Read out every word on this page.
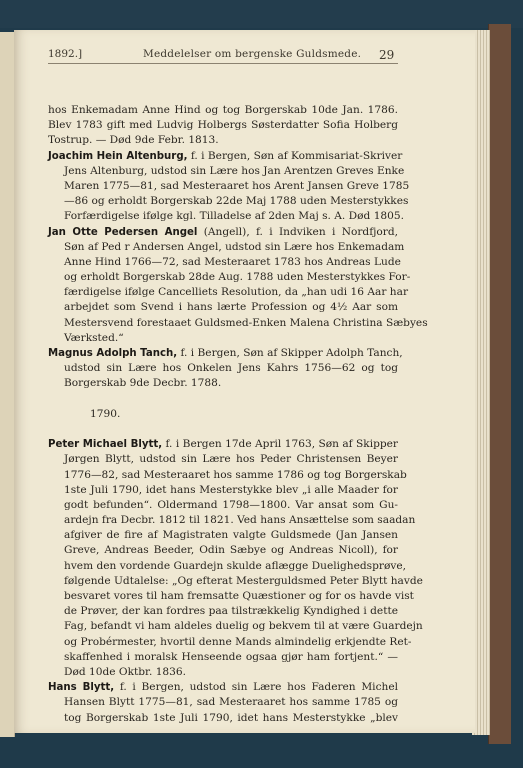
1892.]	Meddelelser om bergenske Guldsmede. 29
hos Enkemadam Anne Hind og tog Borgerskab 10de Jan. 1786.
Blev 1783 gift med Ludvig Holbergs Søsterdatter Sofia Holberg
Tostrup. — Død 9de Febr. 1813.
Joachim Hein Altenburg, f. i Bergen, Søn af Kommisariat-Skriver
Jens Altenburg, udstod sin Lære hos Jan Arentzen Greves Enke
Maren 1775—81, sad Mesteraaret hos Arent Jansen Greve 1785
—86 og erholdt Borgerskab 22de Maj 1788 uden Mesterstykkes
Forfærdigelse ifølge kgl. Tilladelse af 2den Maj s. A. Død 1805.
Jan Otte Pedersen Angel (Angell), f. i Indviken i Nordfjord,
Søn af Ped r Andersen Angel, udstod sin Lære hos Enkemadam
Anne Hind 1766—72, sad Mesteraaret 1783 hos Andreas Lude
og erholdt Borgerskab 28de Aug. 1788 uden Mesterstykkes For-
færdigelse ifølge Cancelliets Resolution, da „han udi 16 Aar har
arbejdet som Svend i hans lærte Profession og 4½ Aar som
Mestersvend forestaaet Guldsmed-Enken Malena Christina Sæbyes
Værksted.“
Magnus Adolph Tanch, f. i Bergen, Søn af Skipper Adolph Tanch,
udstod sin Lære hos Onkelen Jens Kahrs 1756—62 og tog
Borgerskab 9de Decbr. 1788.
1790.
Peter Michael Blytt, f. i Bergen 17de April 1763, Søn af Skipper
Jørgen Blytt, udstod sin Lære hos Peder Christensen Beyer
1776—82, sad Mesteraaret hos samme 1786 og tog Borgerskab
1ste Juli 1790, idet hans Mesterstykke blev „i alle Maader for
godt befunden“. Oldermand 1798—1800. Var ansat som Gu-
ardejn fra Decbr. 1812 til 1821. Ved hans Ansættelse som saadan
afgiver de fire af Magistraten valgte Guldsmede (Jan Jansen
Greve, Andreas Beeder, Odin Sæbye og Andreas Nicoll), for
hvem den vordende Guardejn skulde aflægge Duelighedsprøve,
følgende Udtalelse: „Og efterat Mesterguldsmed Peter Blytt havde
besvaret vores til ham fremsatte Quæstioner og for os havde vist
de Prøver, der kan fordres paa tilstrækkelig Kyndighed i dette
Fag, befandt vi ham aldeles duelig og bekvem til at være Guardejn
og Probérmester, hvortil denne Mands almindelig erkjendte Ret-
skaffenhed i moralsk Henseende ogsaa gjør ham fortjent.“ —
Død 10de Oktbr. 1836.
Hans Blytt, f. i Bergen, udstod sin Lære hos Faderen Michel
Hansen Blytt 1775—81, sad Mesteraaret hos samme 1785 og
tog Borgerskab 1ste Juli 1790, idet hans Mesterstykke „blev
